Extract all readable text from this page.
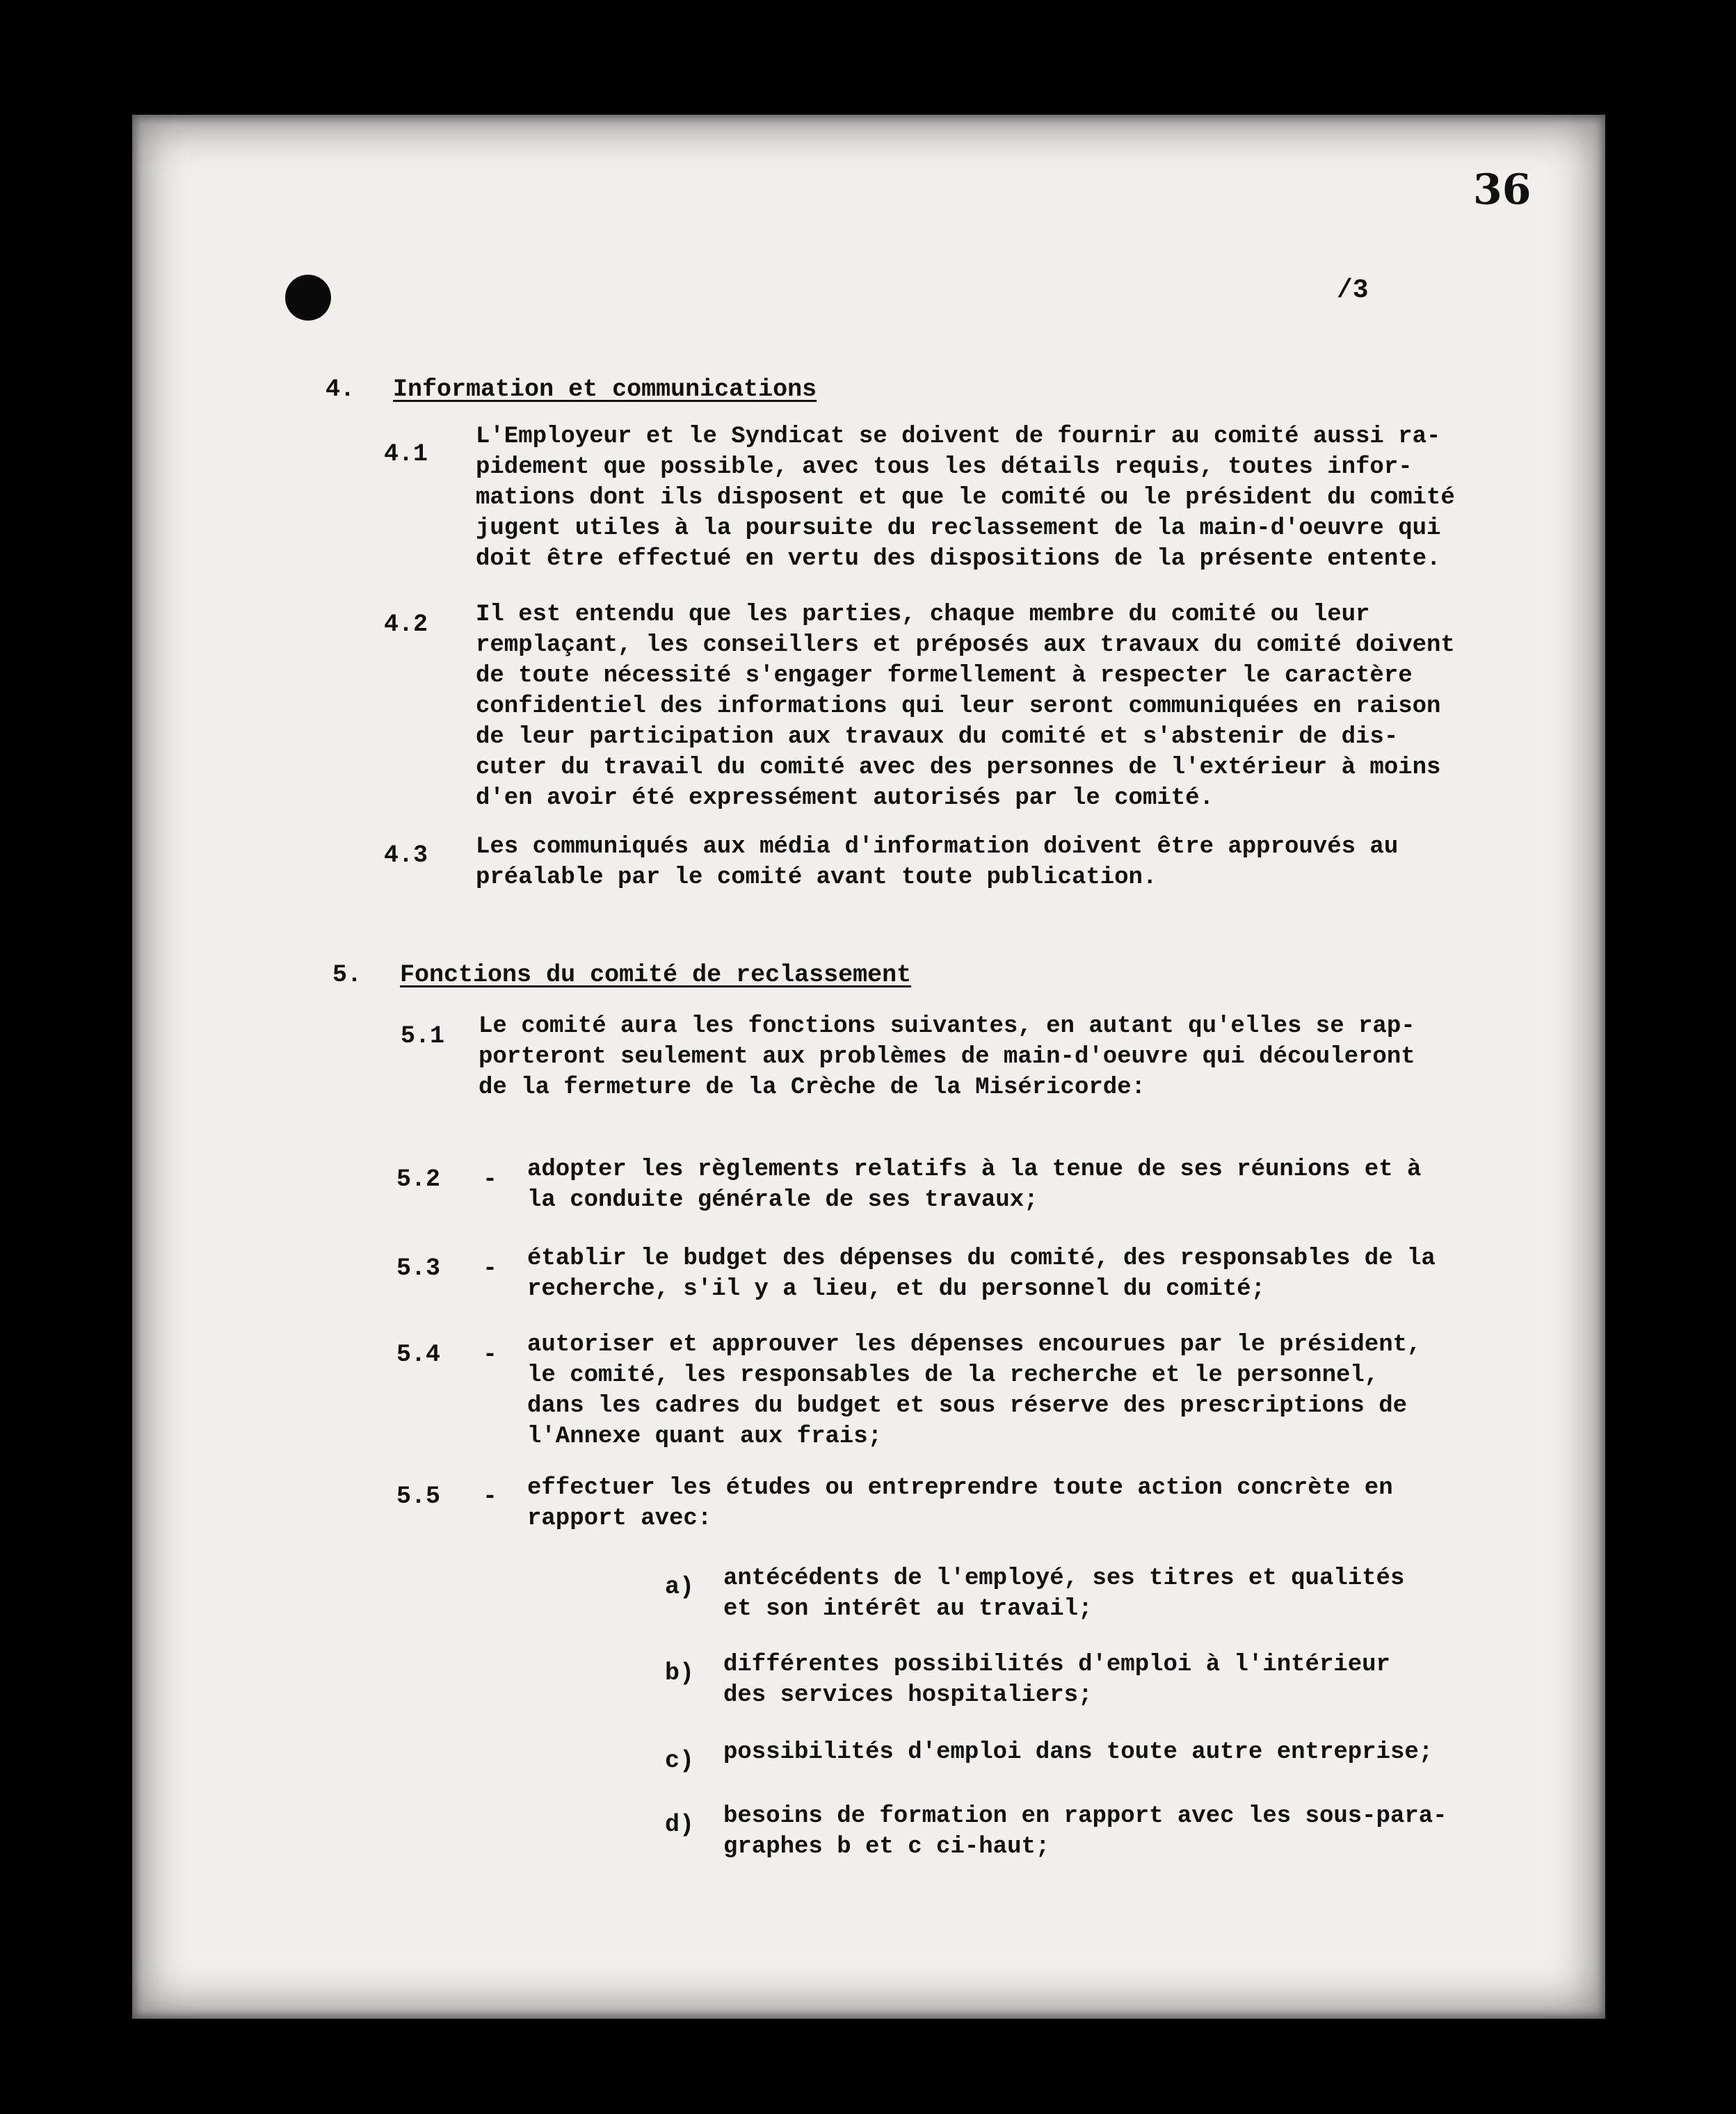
36
/3
4. Information et communications
4.1

L'Employeur et le Syndicat se doivent de fournir au comité aussi ra-
pidement que possible, avec tous les détails requis, toutes infor-
mations dont ils disposent et que le comité ou le président du comité
jugent utiles à la poursuite du reclassement de la main-d'oeuvre qui
doit être effectué en vertu des dispositions de la présente entente.

4.2 Il est entendu que les parties, chaque membre du comité ou leur
remplaçant, les conseillers et préposés aux travaux du comité doivent
de toute nécessité s'engager formellement à respecter le caractère
confidentiel des informations qui leur seront communiquées en raison
de leur participation aux travaux du comité et s'abstenir de dis-
cuter du travail du comité avec des personnes de l'extérieur à moins
d'en avoir été expressément autorisés par le comité.

4.3 Les communiqués aux média d'information doivent être approuvés au
préalable par le comité avant toute publication.

5. Fonctions du comité de reclassement
5.1 Le comité aura les fonctions suivantes, en autant qu'elles se rap-
porteront seulement aux problèmes de main-d'oeuvre qui découleront
de la fermeture de la Crèche de la Miséricorde:

5.2 - adopter les règlements relatifs à la tenue de ses réunions et à
la conduite générale de ses travaux;

5.3 - établir le budget des dépenses du comité, des responsables de la
recherche, s'il y a lieu, et du personnel du comité;

5.4 - autoriser et approuver les dépenses encourues par le président,
le comité, les responsables de la recherche et le personnel,
dans les cadres du budget et sous réserve des prescriptions de
l'Annexe quant aux frais;

5.5 - effectuer les études ou entreprendre toute action concrète en
rapport avec:

a) antécédents de l'employé, ses titres et qualités
et son intérêt au travail;

b) différentes possibilités d'emploi à l'intérieur
des services hospitaliers;

c) possibilités d'emploi dans toute autre entreprise;

d) besoins de formation en rapport avec les sous-para-
graphes b et c ci-haut;
